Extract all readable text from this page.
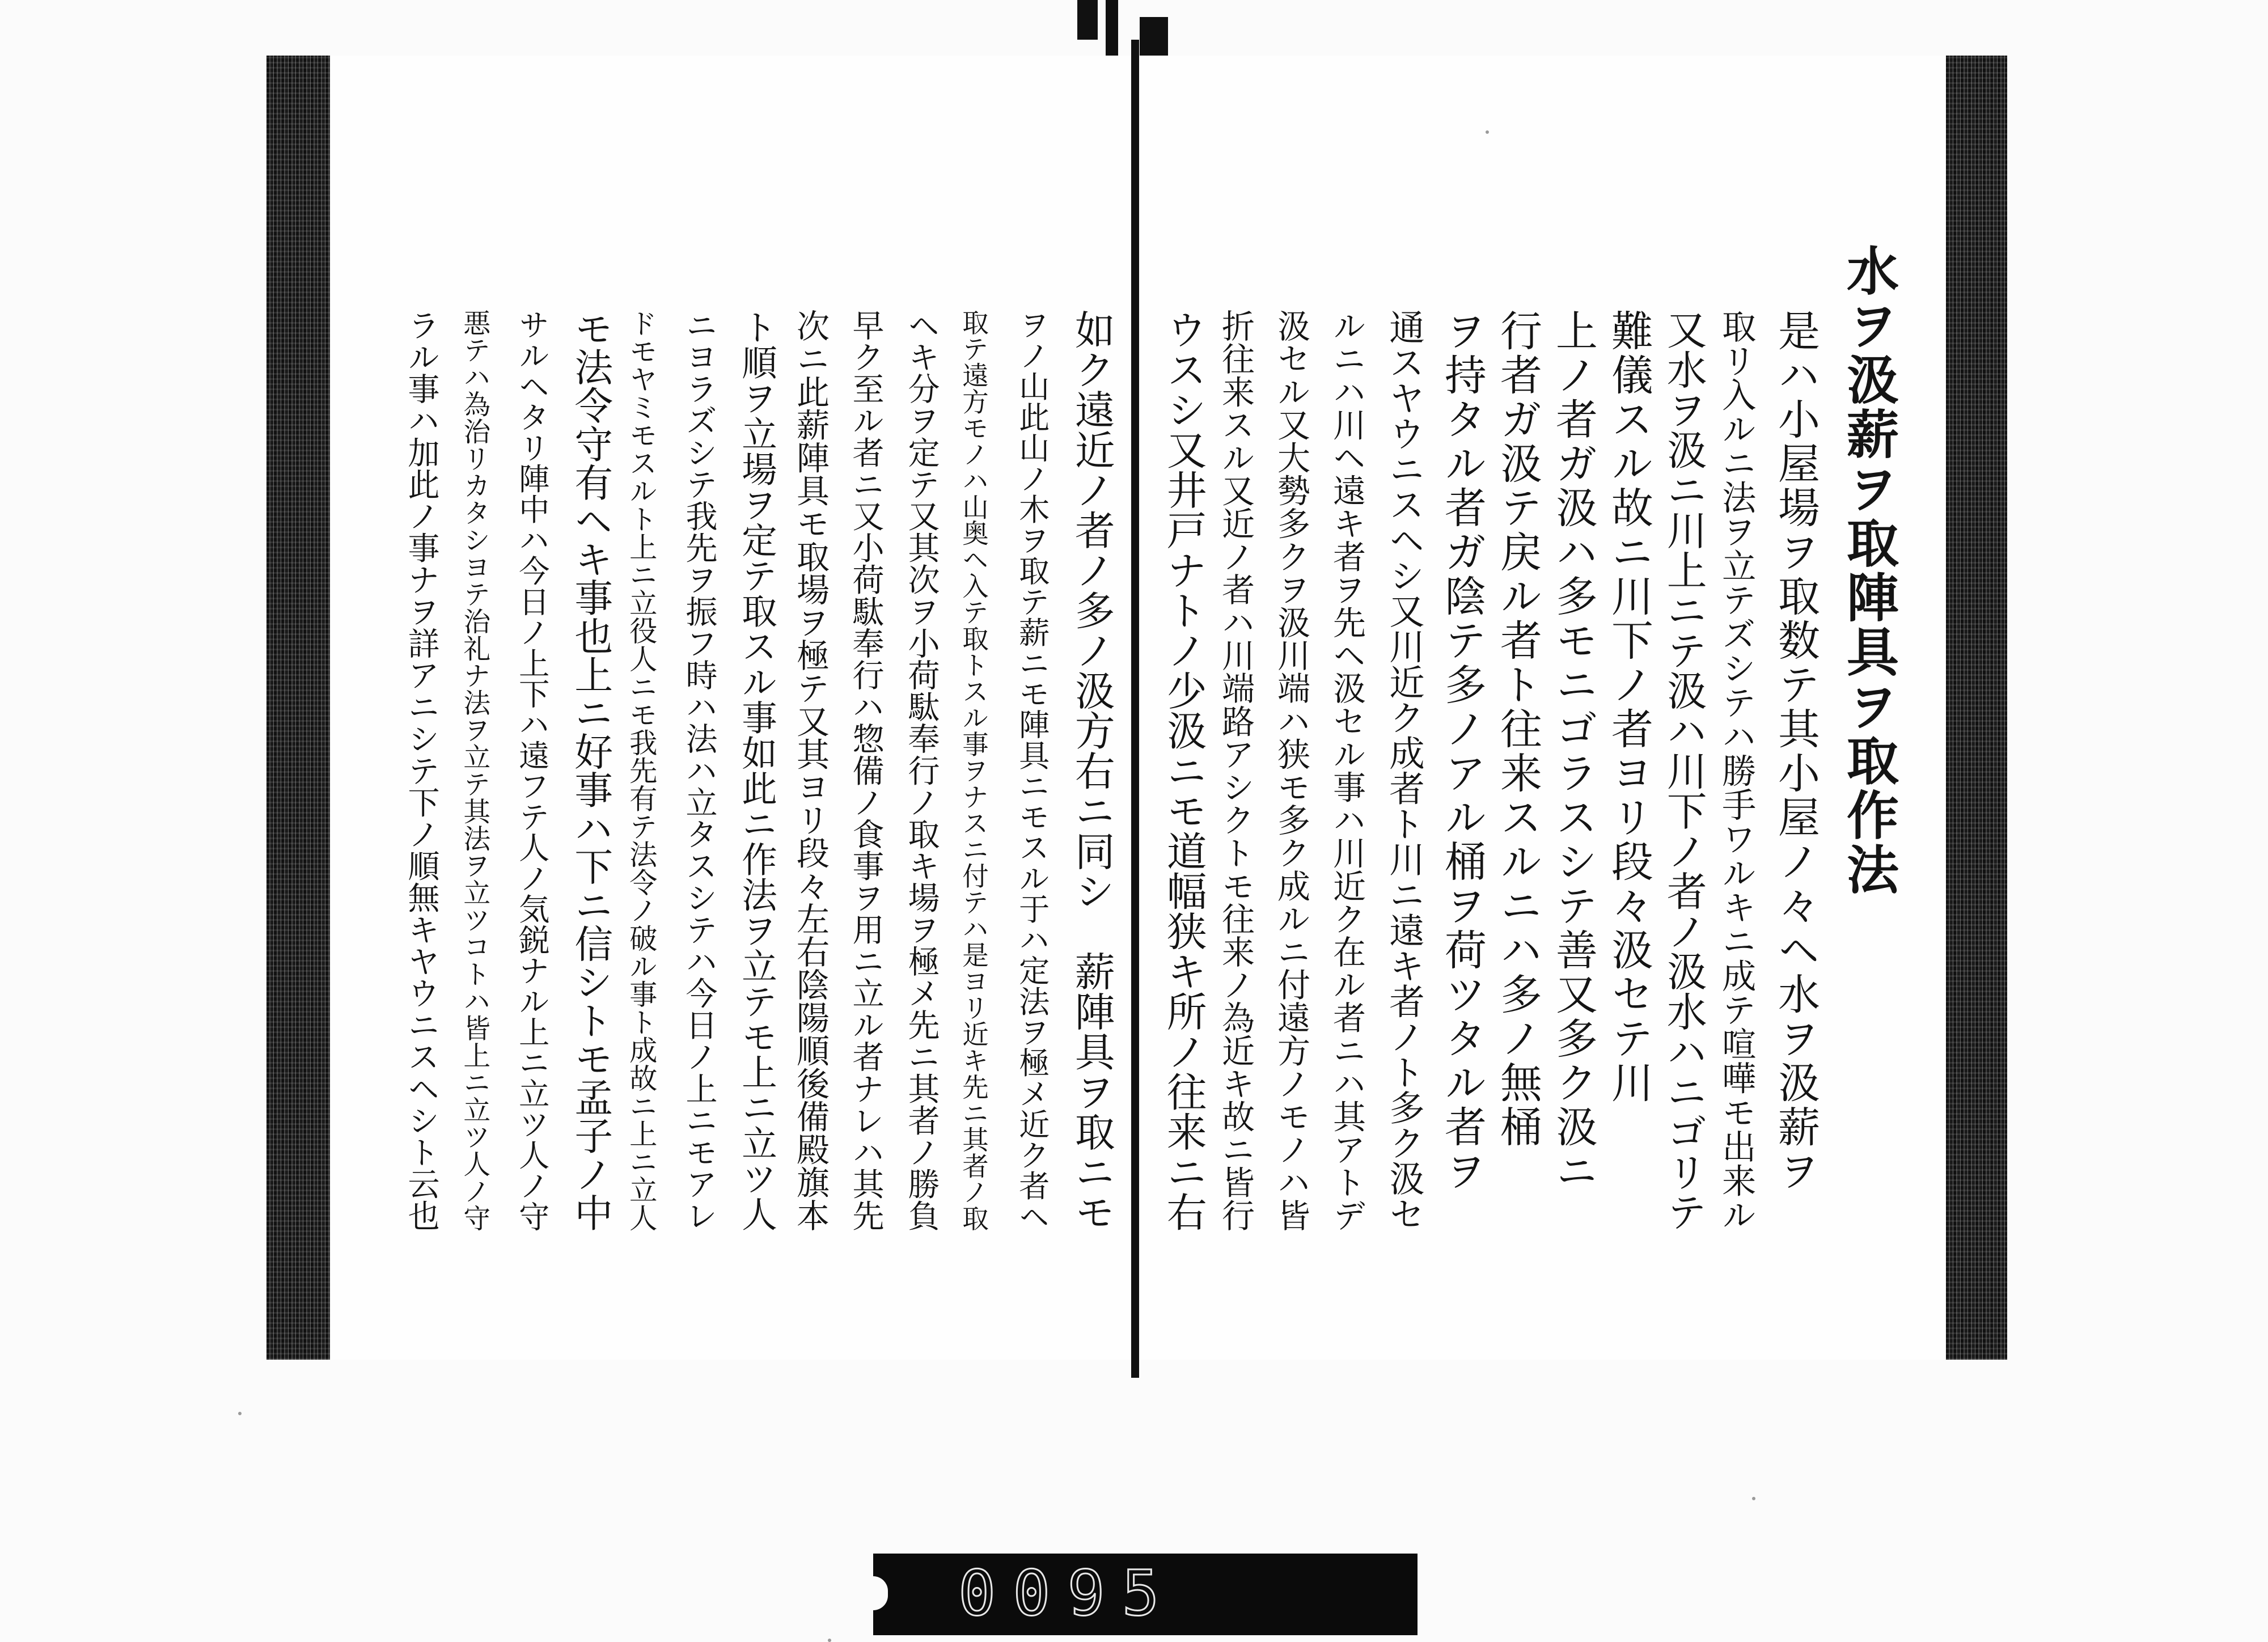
水ヲ汲薪ヲ取陣具ヲ取作法
是ハ小屋場ヲ取数テ其小屋ノ々ヘ水ヲ汲薪ヲ
取リ入ルニ法ヲ立テズシテハ勝手ワルキニ成テ喧嘩モ出来ル
又水ヲ汲ニ川上ニテ汲ハ川下ノ者ノ汲水ハニゴリテ
難儀スル故ニ川下ノ者ヨリ段々汲セテ川
上ノ者ガ汲ハ多モニゴラスシテ善又多ク汲ニ
行者ガ汲テ戻ル者ト往来スルニハ多ノ無桶
ヲ持タル者ガ陰テ多ノアル桶ヲ荷ツタル者ヲ
通スヤウニスヘシ又川近ク成者ト川ニ遠キ者ノト多ク汲セ
ルニハ川ヘ遠キ者ヲ先ヘ汲セル事ハ川近ク在ル者ニハ其アトデ
汲セル又大勢多クヲ汲川端ハ狭モ多ク成ルニ付遠方ノモノハ皆
折往来スル又近ノ者ハ川端路アシクトモ往来ノ為近キ故ニ皆行
ウスシ又井戸ナトノ少汲ニモ道幅狭キ所ノ往来ニ右
如ク遠近ノ者ノ多ノ汲方右ニ同シ　薪陣具ヲ取ニモ
ヲノ山此山ノ木ヲ取テ薪ニモ陣具ニモスル于ハ定法ヲ極メ近ク者ヘ
取テ遠方モノハ山奥ヘ入テ取トスル事ヲナスニ付テハ是ヨリ近キ先ニ其者ノ取
ヘキ分ヲ定テ又其次ヲ小荷駄奉行ノ取キ場ヲ極メ先ニ其者ノ勝負
早ク至ル者ニ又小荷駄奉行ハ惣備ノ食事ヲ用ニ立ル者ナレハ其先
次ニ此薪陣具モ取場ヲ極テ又其ヨリ段々左右陰陽順後備殿旗本
ト順ヲ立場ヲ定テ取スル事如此ニ作法ヲ立テモ上ニ立ツ人
ニヨラズシテ我先ヲ振フ時ハ法ハ立タスシテハ今日ノ上ニモアレ
ドモヤミモスルト上ニ立役人ニモ我先有テ法令ノ破ル事ト成故ニ上ニ立人
モ法令守有ヘキ事也上ニ好事ハ下ニ信シトモ孟子ノ中
サルヘタリ陣中ハ今日ノ上下ハ遠フテ人ノ気鋭ナル上ニ立ツ人ノ守
悪テハ為治リカタシヨテ治礼ナ法ヲ立テ其法ヲ立ツコトハ皆上ニ立ツ人ノ守
ラル事ハ加此ノ事ナヲ詳アニシテ下ノ順無キヤウニスヘシト云也
0095
